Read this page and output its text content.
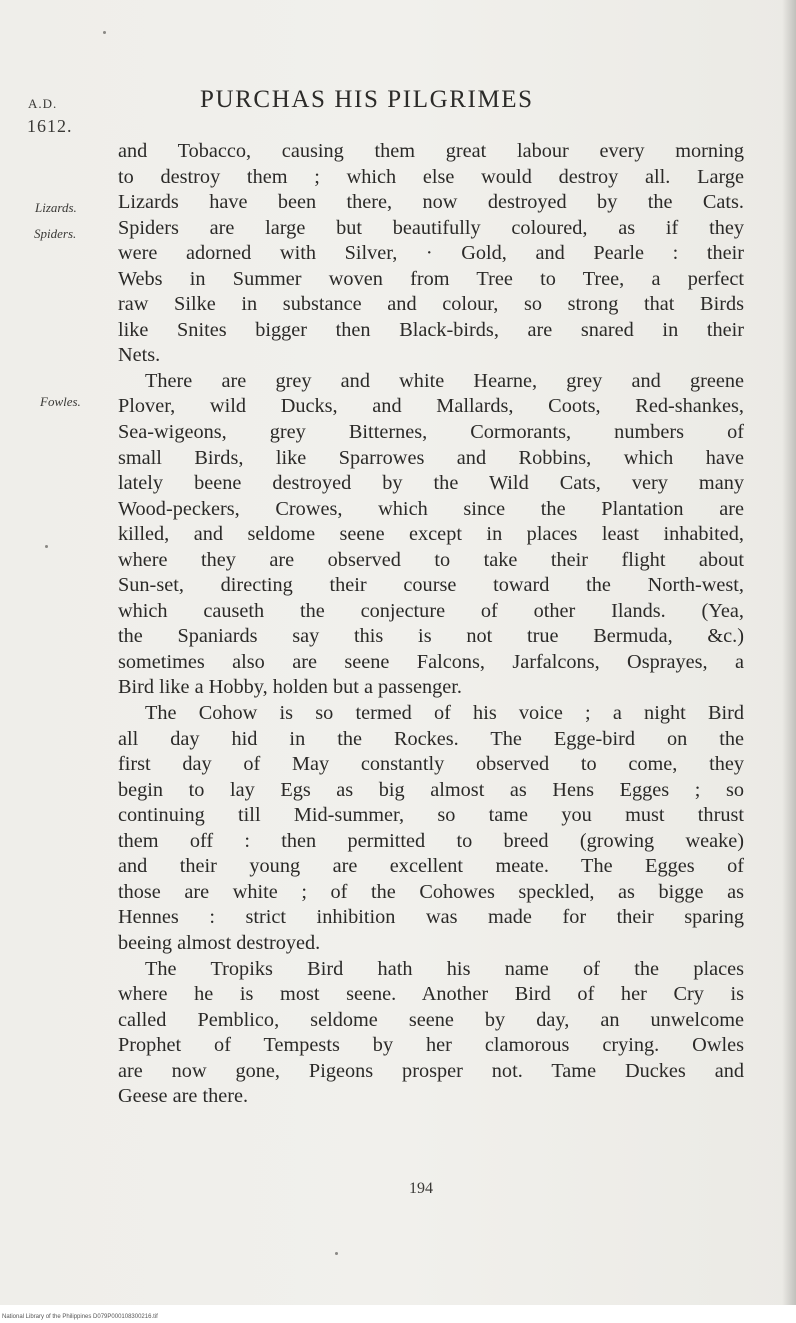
A.D.
1612.
PURCHAS HIS PILGRIMES
Lizards.
Spiders.
Fowles.
and Tobacco, causing them great labour every morning
to destroy them ; which else would destroy all. Large
Lizards have been there, now destroyed by the Cats.
Spiders are large but beautifully coloured, as if they
were adorned with Silver, · Gold, and Pearle : their
Webs in Summer woven from Tree to Tree, a perfect
raw Silke in substance and colour, so strong that Birds
like Snites bigger then Black-birds, are snared in their
Nets.
There are grey and white Hearne, grey and greene
Plover, wild Ducks, and Mallards, Coots, Red-shankes,
Sea-wigeons, grey Bitternes, Cormorants, numbers of
small Birds, like Sparrowes and Robbins, which have
lately beene destroyed by the Wild Cats, very many
Wood-peckers, Crowes, which since the Plantation are
killed, and seldome seene except in places least inhabited,
where they are observed to take their flight about
Sun-set, directing their course toward the North-west,
which causeth the conjecture of other Ilands. (Yea,
the Spaniards say this is not true Bermuda, &c.)
sometimes also are seene Falcons, Jarfalcons, Osprayes, a
Bird like a Hobby, holden but a passenger.
The Cohow is so termed of his voice ; a night Bird
all day hid in the Rockes. The Egge-bird on the
first day of May constantly observed to come, they
begin to lay Egs as big almost as Hens Egges ; so
continuing till Mid-summer, so tame you must thrust
them off : then permitted to breed (growing weake)
and their young are excellent meate. The Egges of
those are white ; of the Cohowes speckled, as bigge as
Hennes : strict inhibition was made for their sparing
beeing almost destroyed.
The Tropiks Bird hath his name of the places
where he is most seene. Another Bird of her Cry is
called Pemblico, seldome seene by day, an unwelcome
Prophet of Tempests by her clamorous crying. Owles
are now gone, Pigeons prosper not. Tame Duckes and
Geese are there.
194
National Library of the Philippines D079P000108300216.tif
